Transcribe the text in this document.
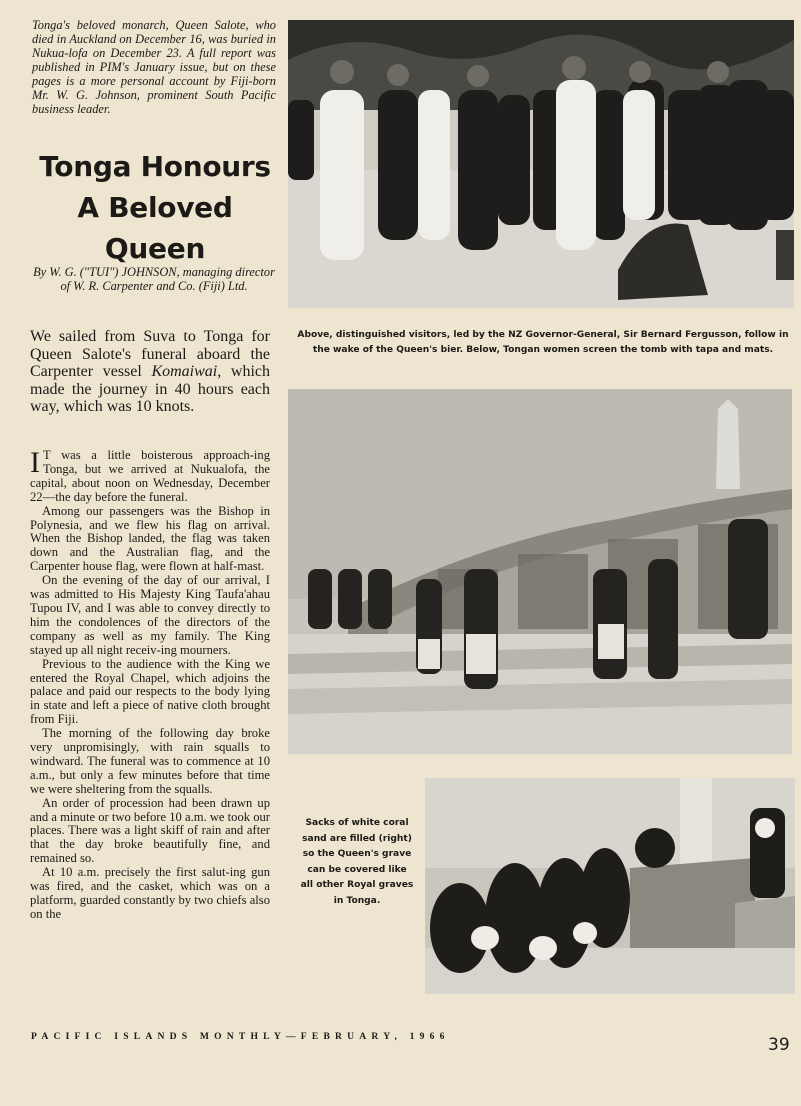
Tonga's beloved monarch, Queen Salote, who died in Auckland on December 16, was buried in Nukua-lofa on December 23. A full report was published in PIM's January issue, but on these pages is a more personal account by Fiji-born Mr. W. G. Johnson, prominent South Pacific business leader.
Tonga Honours
A Beloved
Queen
By W. G. ("TUI") JOHNSON, managing director of W. R. Carpenter and Co. (Fiji) Ltd.
We sailed from Suva to Tonga for Queen Salote's funeral aboard the Carpenter vessel Komaiwai, which made the journey in 40 hours each way, which was 10 knots.

I T was a little boisterous approach-ing Tonga, but we arrived at Nukualofa, the capital, about noon on Wednesday, December 22—the day before the funeral.

Among our passengers was the Bishop in Polynesia, and we flew his flag on arrival. When the Bishop landed, the flag was taken down and the Australian flag, and the Carpenter house flag, were flown at half-mast.

On the evening of the day of our arrival, I was admitted to His Majesty King Taufa'ahau Tupou IV, and I was able to convey directly to him the condolences of the directors of the company as well as my family. The King stayed up all night receiv-ing mourners.

Previous to the audience with the King we entered the Royal Chapel, which adjoins the palace and paid our respects to the body lying in state and left a piece of native cloth brought from Fiji.

The morning of the following day broke very unpromisingly, with rain squalls to windward. The funeral was to commence at 10 a.m., but only a few minutes before that time we were sheltering from the squalls.

An order of procession had been drawn up and a minute or two before 10 a.m. we took our places. There was a light skiff of rain and after that the day broke beautifully fine, and remained so.

At 10 a.m. precisely the first salut-ing gun was fired, and the casket, which was on a platform, guarded constantly by two chiefs also on the

Above, distinguished visitors, led by the NZ Governor-General, Sir Bernard Fergusson, follow in the wake of the Queen's bier. Below, Tongan women screen the tomb with tapa and mats.
Sacks of white coral sand are filled (right) so the Queen's grave can be covered like all other Royal graves in Tonga.
PACIFIC ISLANDS MONTHLY—FEBRUARY, 1966	39
